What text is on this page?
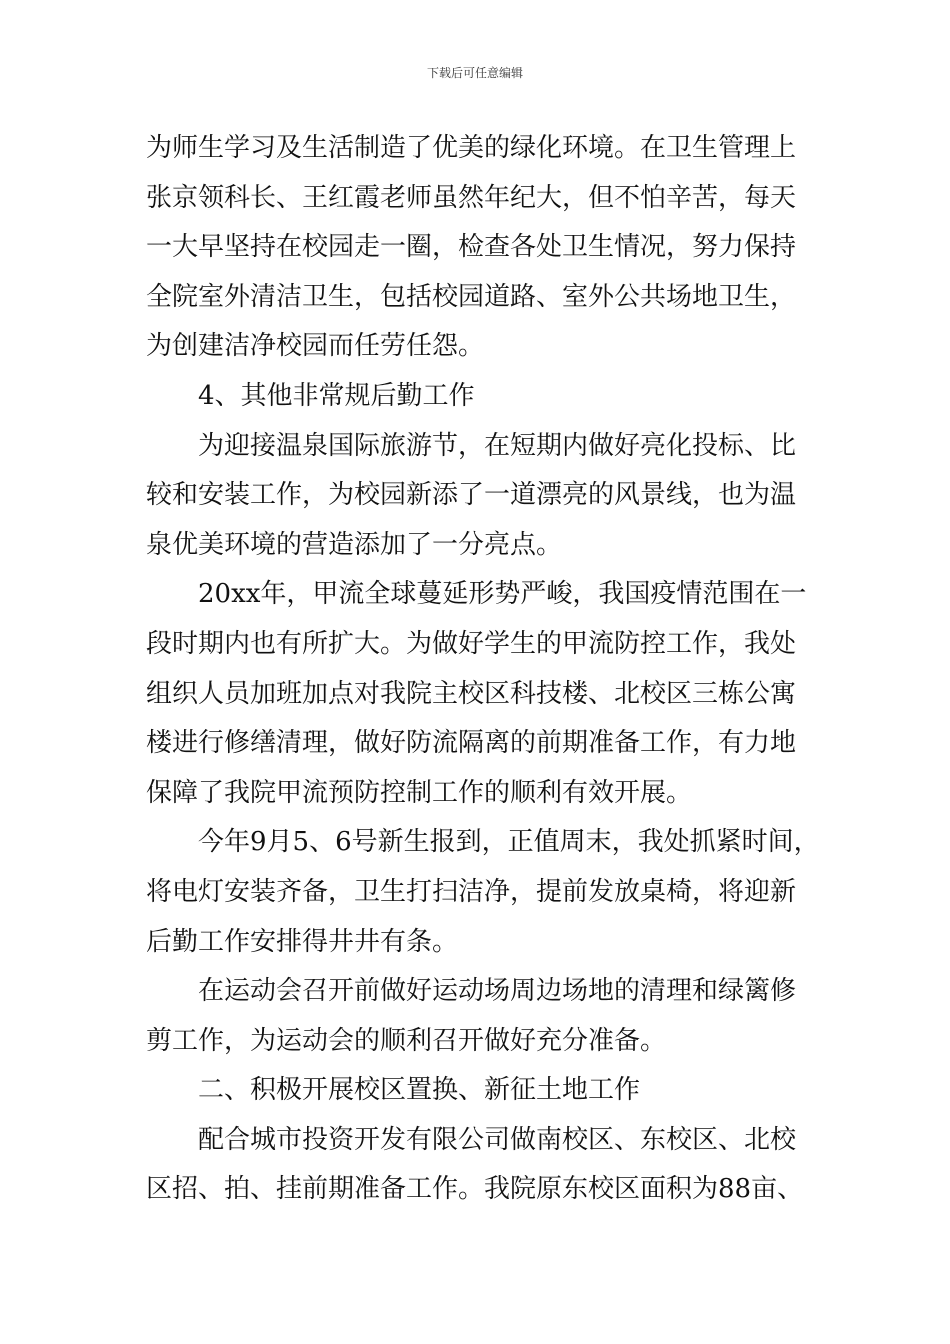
下载后可任意编辑
为师生学习及生活制造了优美的绿化环境。在卫生管理上
张京领科长、王红霞老师虽然年纪大，但不怕辛苦，每天
一大早坚持在校园走一圈，检查各处卫生情况，努力保持
全院室外清洁卫生，包括校园道路、室外公共场地卫生，
为创建洁净校园而任劳任怨。
　　4、其他非常规后勤工作
　　为迎接温泉国际旅游节，在短期内做好亮化投标、比
较和安装工作，为校园新添了一道漂亮的风景线，也为温
泉优美环境的营造添加了一分亮点。
　　20xx年，甲流全球蔓延形势严峻，我国疫情范围在一
段时期内也有所扩大。为做好学生的甲流防控工作，我处
组织人员加班加点对我院主校区科技楼、北校区三栋公寓
楼进行修缮清理，做好防流隔离的前期准备工作，有力地
保障了我院甲流预防控制工作的顺利有效开展。
　　今年9月5、6号新生报到，正值周末，我处抓紧时间，
将电灯安装齐备，卫生打扫洁净，提前发放桌椅，将迎新
后勤工作安排得井井有条。
　　在运动会召开前做好运动场周边场地的清理和绿篱修
剪工作，为运动会的顺利召开做好充分准备。
　　二、积极开展校区置换、新征土地工作
　　配合城市投资开发有限公司做南校区、东校区、北校
区招、拍、挂前期准备工作。我院原东校区面积为88亩、
